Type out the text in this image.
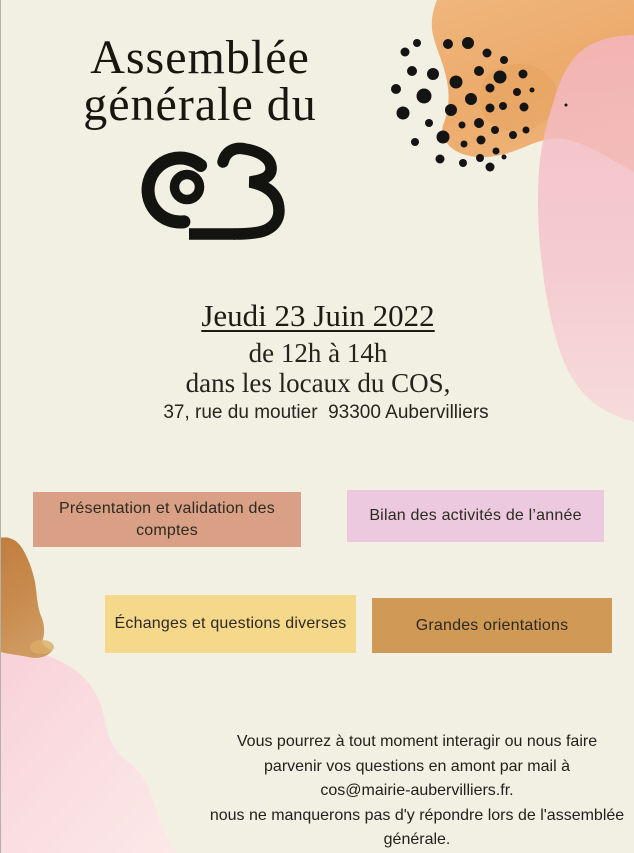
Assemblée
générale du
Jeudi 23 Juin 2022
de 12h à 14h
dans les locaux du COS,
37, rue du moutier  93300 Aubervilliers
Présentation et validation des comptes
Bilan des activités de l’année
Échanges et questions diverses	Grandes orientations
Vous pourrez à tout moment interagir ou nous faire
parvenir vos questions en amont par mail à
cos@mairie-aubervilliers.fr.
nous ne manquerons pas d'y répondre lors de l'assemblée
générale.
